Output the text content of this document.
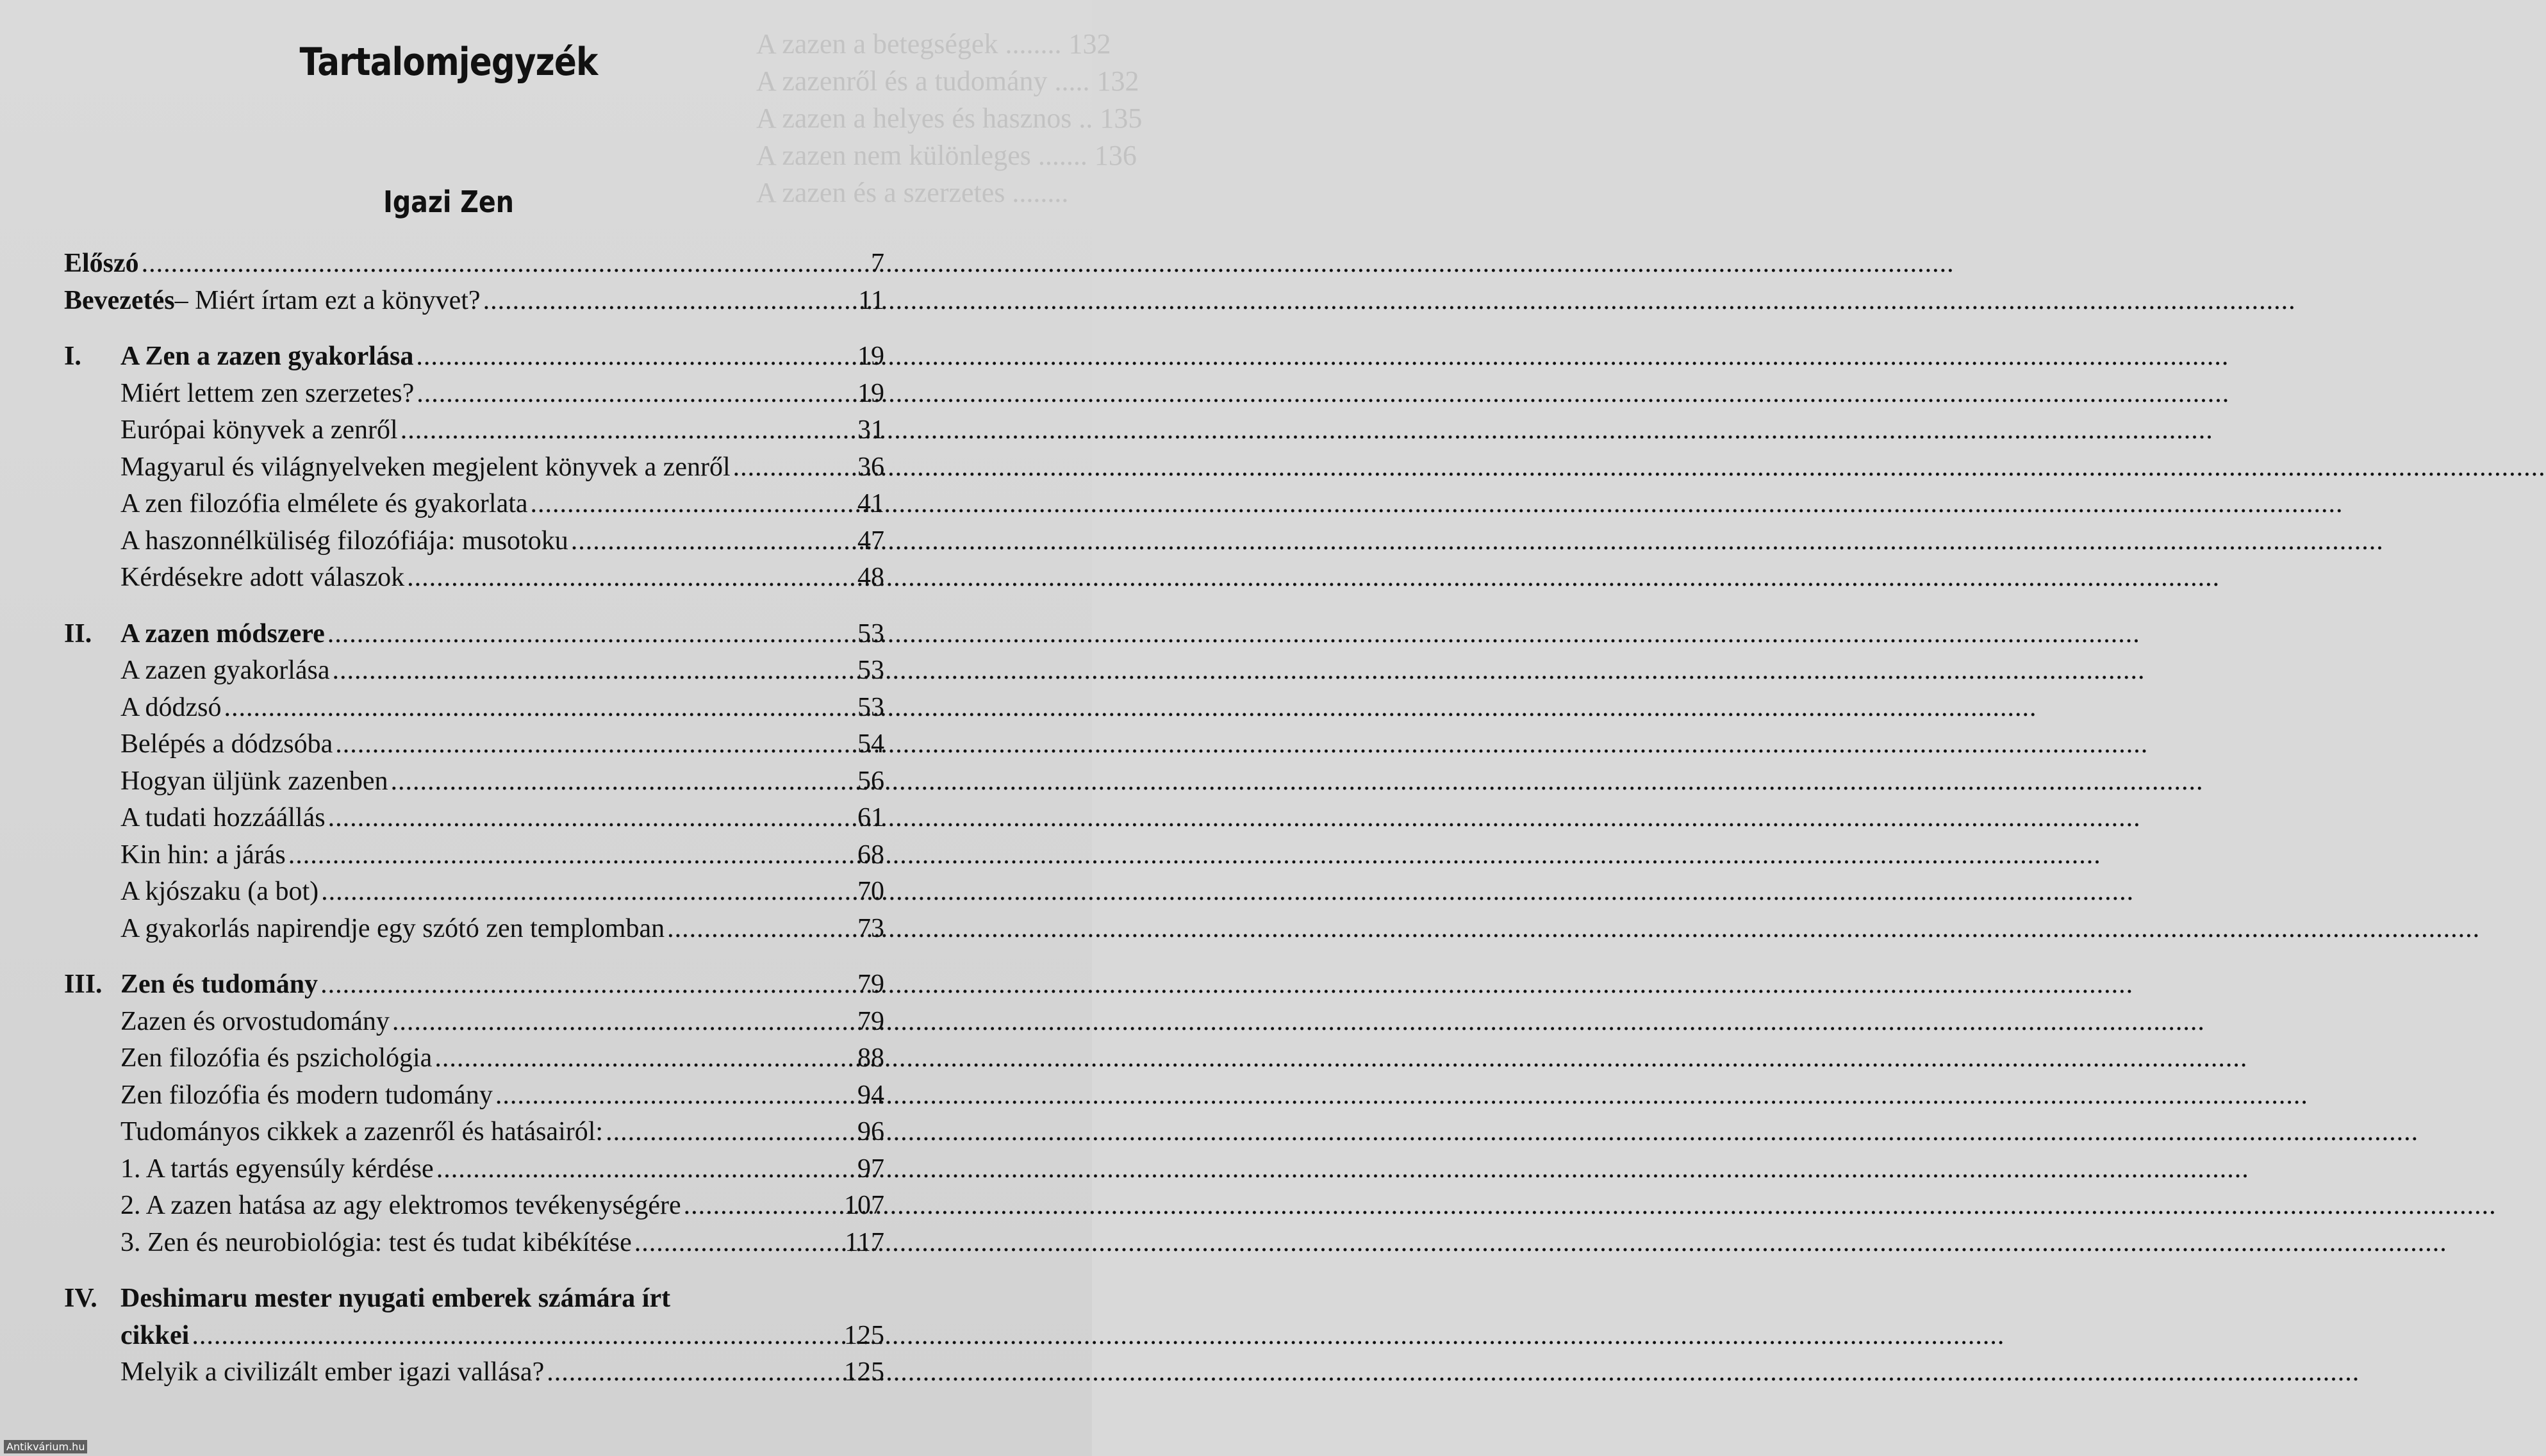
A zazen a betegségek ........ 132
A zazenről és a tudomány ..... 132
A zazen a helyes és hasznos .. 135
A zazen nem különleges ....... 136
A zazen és a szerzetes ........
Tartalomjegyzék
Igazi Zen
Előszó .....	7
Bevezetés – Miért írtam ezt a könyvet? .....	11
I.	A Zen a zazen gyakorlása .....	19
Miért lettem zen szerzetes? .....	19
Európai könyvek a zenről .....	31
Magyarul és világnyelveken megjelent könyvek a zenről .....	36
A zen filozófia elmélete és gyakorlata .....	41
A haszonnélküliség filozófiája: musotoku .....	47
Kérdésekre adott válaszok .....	48
II.	A zazen módszere .....	53
A zazen gyakorlása .....	53
A dódzsó .....	53
Belépés a dódzsóba .....	54
Hogyan üljünk zazenben .....	56
A tudati hozzáállás .....	61
Kin hin: a járás .....	68
A kjószaku (a bot) .....	70
A gyakorlás napirendje egy szótó zen templomban .....	73
III. Zen és tudomány .....	79
Zazen és orvostudomány .....	79
Zen filozófia és pszichológia .....	88
Zen filozófia és modern tudomány .....	94
Tudományos cikkek a zazenről és hatásairól: .....	96
1. A tartás egyensúly kérdése .....	97
2. A zazen hatása az agy elektromos tevékenységére .....	107
3. Zen és neurobiológia: test és tudat kibékítése .....	117
IV. Deshimaru mester nyugati emberek számára írt
cikkei .....	125
Melyik a civilizált ember igazi vallása? .....	125
Antikvárium.hu
